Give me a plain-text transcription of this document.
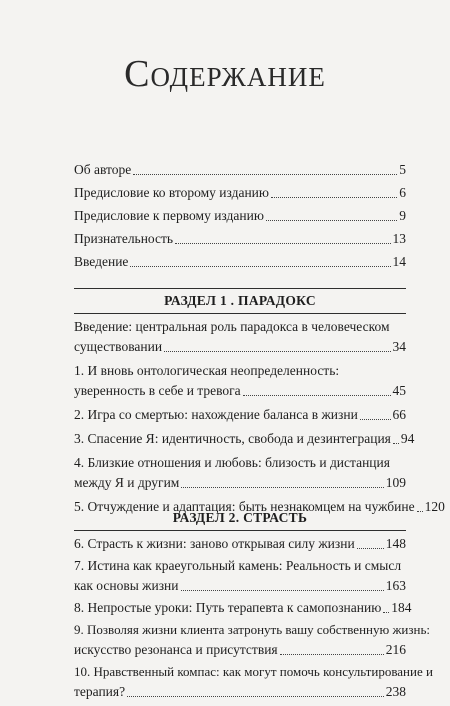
Содержание
Об авторе	5
Предисловие ко второму изданию	6
Предисловие к первому изданию	9
Признательность	13
Введение	14
РАЗДЕЛ 1 . ПАРАДОКС
Введение: центральная роль парадокса в человеческом
существовании	34
1. И вновь онтологическая неопределенность:
уверенность в себе и тревога	45
2. Игра со смертью: нахождение баланса в жизни	66
3. Спасение Я: идентичность, свобода и дезинтеграция 94
4. Близкие отношения и любовь: близость и дистанция
между Я и другим	109
5. Отчуждение и адаптация: быть незнакомцем на чужбине 120
РАЗДЕЛ 2. СТРАСТЬ
6. Страсть к жизни: заново открывая силу жизни 148
7. Истина как краеугольный камень: Реальность и смысл
как основы жизни	163
8. Непростые уроки: Путь терапевта к самопознанию 184
9. Позволяя жизни клиента затронуть вашу собственную жизнь:
искусство резонанса и присутствия	216
10. Нравственный компас: как могут помочь консультирование и
терапия?	238
